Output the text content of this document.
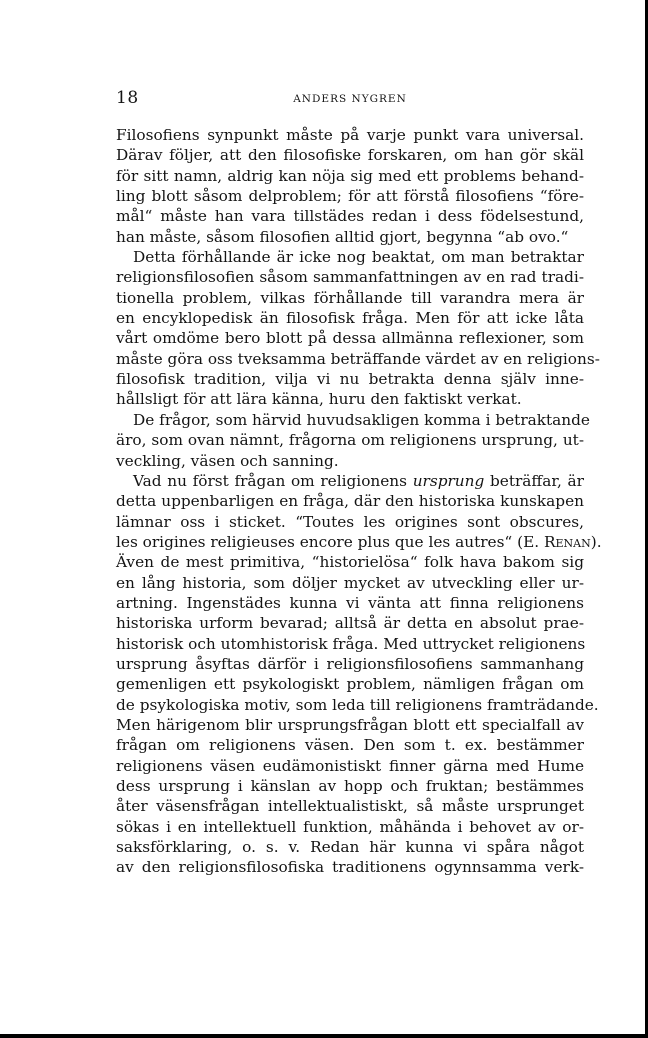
18	ANDERS NYGREN
Filosofiens synpunkt måste på varje punkt vara universal.
Därav följer, att den filosofiske forskaren, om han gör skäl
för sitt namn, aldrig kan nöja sig med ett problems behand-
ling blott såsom delproblem; för att förstå filosofiens “före-
mål“ måste han vara tillstädes redan i dess födelsestund,
han måste, såsom filosofien alltid gjort, begynna “ab ovo.“
Detta förhållande är icke nog beaktat, om man betraktar
religionsfilosofien såsom sammanfattningen av en rad tradi-
tionella problem, vilkas förhållande till varandra mera är
en encyklopedisk än filosofisk fråga. Men för att icke låta
vårt omdöme bero blott på dessa allmänna reflexioner, som
måste göra oss tveksamma beträffande värdet av en religions-
filosofisk tradition, vilja vi nu betrakta denna själv inne-
hållsligt för att lära känna, huru den faktiskt verkat.
De frågor, som härvid huvudsakligen komma i betraktande
äro, som ovan nämnt, frågorna om religionens ursprung, ut-
veckling, väsen och sanning.
Vad nu först frågan om religionens ursprung beträffar, är
detta uppenbarligen en fråga, där den historiska kunskapen
lämnar oss i sticket. “Toutes les origines sont obscures,
les origines religieuses encore plus que les autres“ (E. Renan).
Även de mest primitiva, “historielösa“ folk hava bakom sig
en lång historia, som döljer mycket av utveckling eller ur-
artning. Ingenstädes kunna vi vänta att finna religionens
historiska urform bevarad; alltså är detta en absolut prae-
historisk och utomhistorisk fråga. Med uttrycket religionens
ursprung åsyftas därför i religionsfilosofiens sammanhang
gemenligen ett psykologiskt problem, nämligen frågan om
de psykologiska motiv, som leda till religionens framträdande.
Men härigenom blir ursprungsfrågan blott ett specialfall av
frågan om religionens väsen. Den som t. ex. bestämmer
religionens väsen eudämonistiskt finner gärna med Hume
dess ursprung i känslan av hopp och fruktan; bestämmes
åter väsensfrågan intellektualistiskt, så måste ursprunget
sökas i en intellektuell funktion, måhända i behovet av or-
saksförklaring, o. s. v. Redan här kunna vi spåra något
av den religionsfilosofiska traditionens ogynnsamma verk-
